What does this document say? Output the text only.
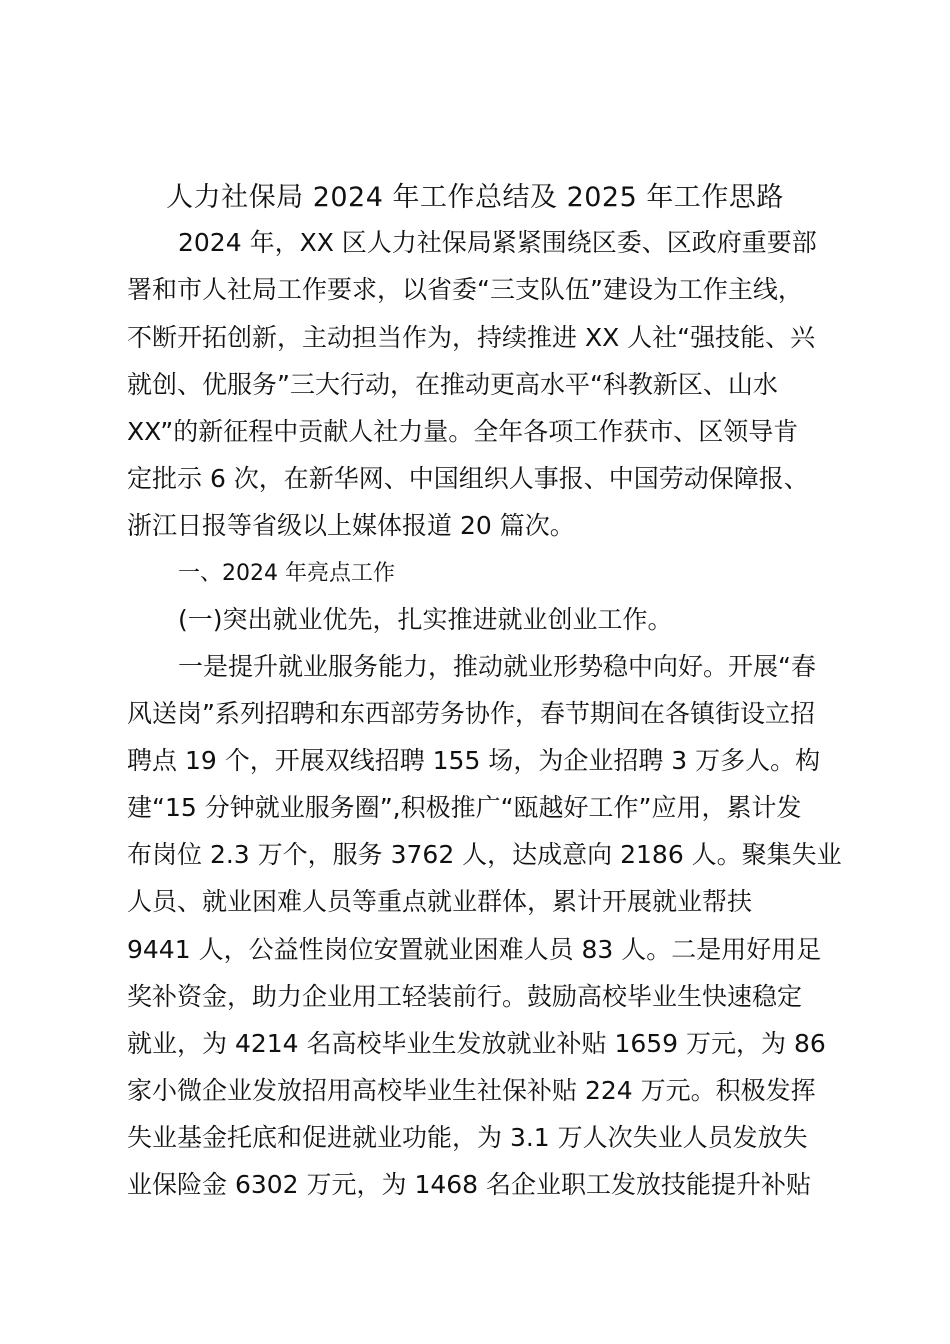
人力社保局 2024 年工作总结及 2025 年工作思路

2024 年，XX 区人力社保局紧紧围绕区委、区政府重要部

署和市人社局工作要求，以省委“三支队伍”建设为工作主线，

不断开拓创新，主动担当作为，持续推进 XX 人社“强技能、兴

就创、优服务”三大行动，在推动更高水平“科教新区、山水

XX”的新征程中贡献人社力量。全年各项工作获市、区领导肯

定批示 6 次，在新华网、中国组织人事报、中国劳动保障报、

浙江日报等省级以上媒体报道 20 篇次。

一、2024 年亮点工作

(一)突出就业优先，扎实推进就业创业工作。

一是提升就业服务能力，推动就业形势稳中向好。开展“春

风送岗”系列招聘和东西部劳务协作，春节期间在各镇街设立招

聘点 19 个，开展双线招聘 155 场，为企业招聘 3 万多人。构

建“15 分钟就业服务圈”,积极推广“瓯越好工作”应用，累计发

布岗位 2.3 万个，服务 3762 人，达成意向 2186 人。聚集失业

人员、就业困难人员等重点就业群体，累计开展就业帮扶

9441 人，公益性岗位安置就业困难人员 83 人。二是用好用足

奖补资金，助力企业用工轻装前行。鼓励高校毕业生快速稳定

就业，为 4214 名高校毕业生发放就业补贴 1659 万元，为 86

家小微企业发放招用高校毕业生社保补贴 224 万元。积极发挥

失业基金托底和促进就业功能，为 3.1 万人次失业人员发放失

业保险金 6302 万元，为 1468 名企业职工发放技能提升补贴
